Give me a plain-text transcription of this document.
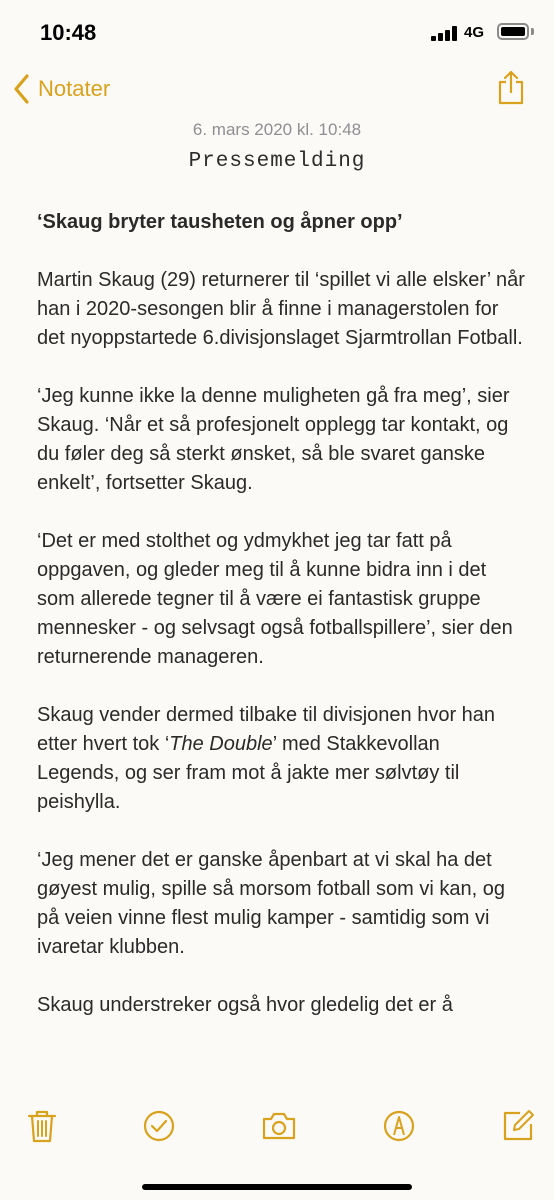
10:48	4G
Notater
6. mars 2020 kl. 10:48
Pressemelding

‘Skaug bryter tausheten og åpner opp’

Martin Skaug (29) returnerer til ‘spillet vi alle elsker’ når han i 2020-sesongen blir å finne i managerstolen for det nyoppstartede 6.divisjonslaget Sjarmtrollan Fotball.

‘Jeg kunne ikke la denne muligheten gå fra meg’, sier Skaug. ‘Når et så profesjonelt opplegg tar kontakt, og du føler deg så sterkt ønsket, så ble svaret ganske enkelt’, fortsetter Skaug.

‘Det er med stolthet og ydmykhet jeg tar fatt på oppgaven, og gleder meg til å kunne bidra inn i det som allerede tegner til å være ei fantastisk gruppe mennesker - og selvsagt også fotballspillere’, sier den returnerende manageren.

Skaug vender dermed tilbake til divisjonen hvor han etter hvert tok ‘The Double’ med Stakkevollan Legends, og ser fram mot å jakte mer sølvtøy til peishylla.

‘Jeg mener det er ganske åpenbart at vi skal ha det gøyest mulig, spille så morsom fotball som vi kan, og på veien vinne flest mulig kamper - samtidig som vi ivaretar klubben.

Skaug understreker også hvor gledelig det er å
